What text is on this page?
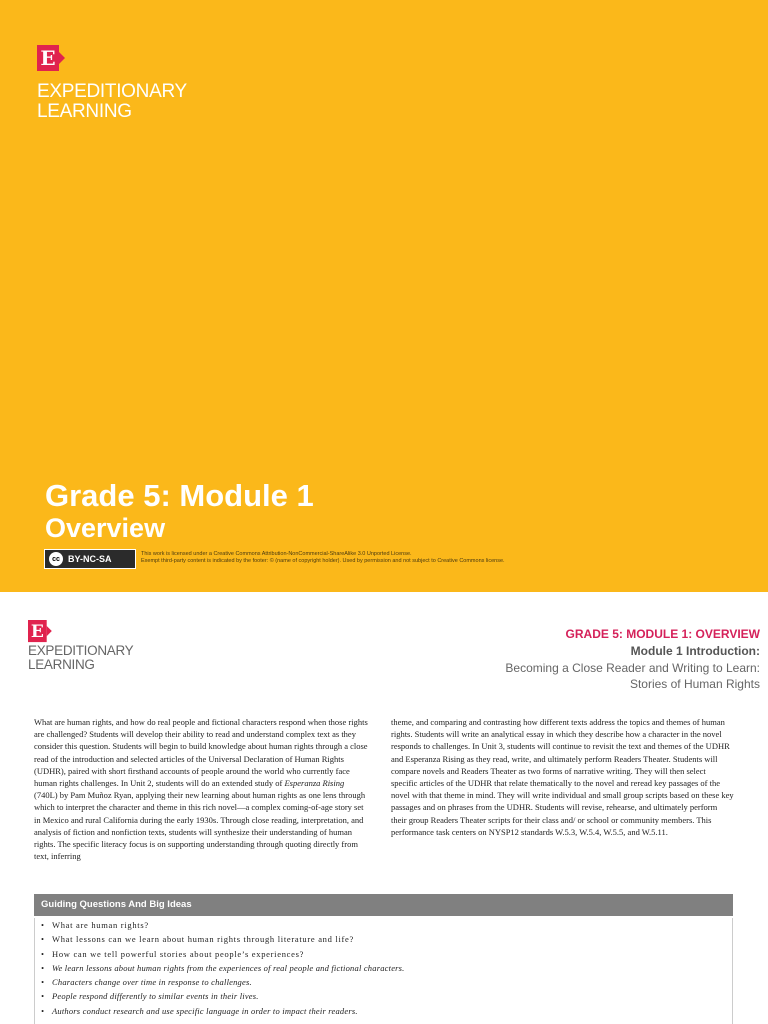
E
EXPEDITIONARY
LEARNING
Grade 5: Module 1
Overview
cc BY-NC-SA	This work is licensed under a Creative Commons Attribution-NonCommercial-ShareAlike 3.0 Unported License.
Exempt third-party content is indicated by the footer: © (name of copyright holder). Used by permission and not subject to Creative Commons license.
E
EXPEDITIONARY
LEARNING
GRADE 5: MODULE 1: OVERVIEW
Module 1 Introduction:
Becoming a Close Reader and Writing to Learn:
Stories of Human Rights

What are human rights, and how do real people and fictional characters respond when those rights are challenged? Students will develop their ability to read and understand complex text as they consider this question. Students will begin to build knowledge about human rights through a close read of the introduction and selected articles of the Universal Declaration of Human Rights (UDHR), paired with short firsthand accounts of people around the world who currently face human rights challenges. In Unit 2, students will do an extended study of Esperanza Rising (740L) by Pam Muñoz Ryan, applying their new learning about human rights as one lens through which to interpret the character and theme in this rich novel—a complex coming-of-age story set in Mexico and rural California during the early 1930s. Through close reading, interpretation, and analysis of fiction and nonfiction texts, students will synthesize their understanding of human rights. The specific literacy focus is on supporting understanding through quoting directly from text, inferring

theme, and comparing and contrasting how different texts address the topics and themes of human rights. Students will write an analytical essay in which they describe how a character in the novel responds to challenges. In Unit 3, students will continue to revisit the text and themes of the UDHR and Esperanza Rising as they read, write, and ultimately perform Readers Theater. Students will compare novels and Readers Theater as two forms of narrative writing. They will then select specific articles of the UDHR that relate thematically to the novel and reread key passages of the novel with that theme in mind. They will write individual and small group scripts based on these key passages and on phrases from the UDHR. Students will revise, rehearse, and ultimately perform their group Readers Theater scripts for their class and/ or school or community members. This performance task centers on NYSP12 standards W.5.3, W.5.4, W.5.5, and W.5.11.

Guiding Questions And Big Ideas
• What are human rights?
• What lessons can we learn about human rights through literature and life?
• How can we tell powerful stories about people’s experiences?
• We learn lessons about human rights from the experiences of real people and fictional characters.
• Characters change over time in response to challenges.
• People respond differently to similar events in their lives.
• Authors conduct research and use specific language in order to impact their readers.
